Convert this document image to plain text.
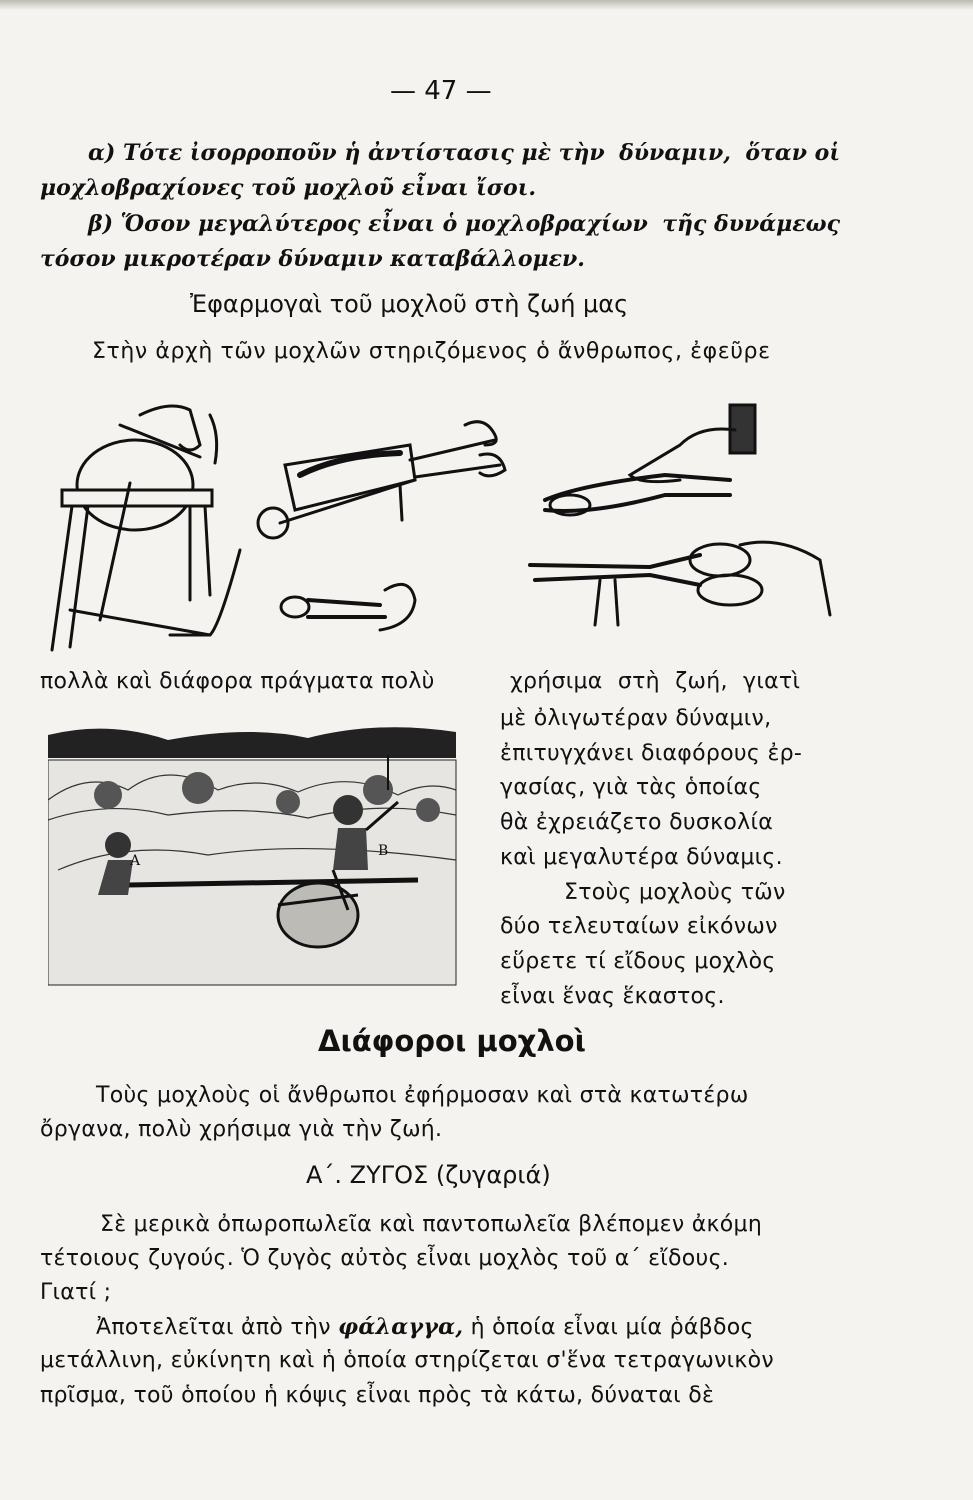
— 47 —
α) Τότε ἰσορροποῦν ἡ ἀντίστασις μὲ τὴν δύναμιν, ὅταν οἱ
μοχλοβραχίονες τοῦ μοχλοῦ εἶναι ἴσοι.
β) Ὅσον μεγαλύτερος εἶναι ὁ μοχλοβραχίων τῆς δυνάμεως
τόσον μικροτέραν δύναμιν καταβάλλομεν.
Ἐφαρμογαὶ τοῦ μοχλοῦ στὴ ζωή μας
Στὴν ἀρχὴ τῶν μοχλῶν στηριζόμενος ὁ ἄνθρωπος, ἐφεῦρε
πολλὰ καὶ διάφορα πράγματα πολὺ	χρήσιμα στὴ ζωή, γιατὶ
Α
Β
μὲ ὀλιγωτέραν δύναμιν,
ἐπιτυγχάνει διαφόρους ἐρ-
γασίας, γιὰ τὰς ὁποίας
θὰ ἐχρειάζετο δυσκολία
καὶ μεγαλυτέρα δύναμις.
Στοὺς μοχλοὺς τῶν
δύο τελευταίων εἰκόνων
εὕρετε τί εἴδους μοχλὸς
εἶναι ἕνας ἕκαστος.
Διάφοροι μοχλοὶ
Τοὺς μοχλοὺς οἱ ἄνθρωποι ἐφήρμοσαν καὶ στὰ κατωτέρω
ὄργανα, πολὺ χρήσιμα γιὰ τὴν ζωή.
Α΄. ΖΥΓΟΣ (ζυγαριά)
Σὲ μερικὰ ὀπωροπωλεῖα καὶ παντοπωλεῖα βλέπομεν ἀκόμη
τέτοιους ζυγούς. Ὁ ζυγὸς αὐτὸς εἶναι μοχλὸς τοῦ α΄ εἴδους.
Γιατί ;
Ἀποτελεῖται ἀπὸ τὴν φάλαγγα, ἡ ὁποία εἶναι μία ῥάβδος
μετάλλινη, εὐκίνητη καὶ ἡ ὁποία στηρίζεται σ'ἕνα τετραγωνικὸν
πρῖσμα, τοῦ ὁποίου ἡ κόψις εἶναι πρὸς τὰ κάτω, δύναται δὲ
